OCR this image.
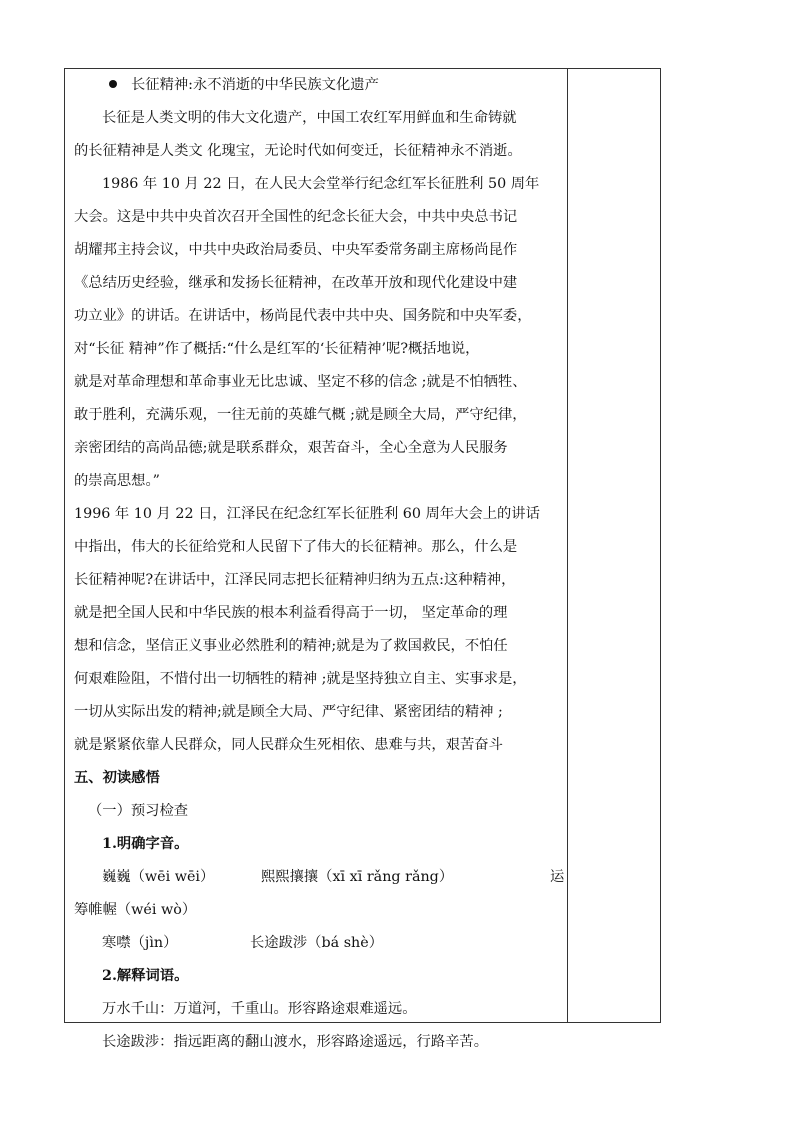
长征精神:永不消逝的中华民族文化遗产
长征是人类文明的伟大文化遗产，中国工农红军用鲜血和生命铸就
的长征精神是人类文 化瑰宝，无论时代如何变迁，长征精神永不消逝。
1986 年 10 月 22 日，在人民大会堂举行纪念红军长征胜利 50 周年
大会。这是中共中央首次召开全国性的纪念长征大会，中共中央总书记
胡耀邦主持会议，中共中央政治局委员、中央军委常务副主席杨尚昆作
《总结历史经验，继承和发扬长征精神，在改革开放和现代化建设中建
功立业》的讲话。在讲话中，杨尚昆代表中共中央、国务院和中央军委，
对“长征 精神”作了概括:“什么是红军的‘长征精神’呢?概括地说，
就是对革命理想和革命事业无比忠诚、坚定不移的信念 ;就是不怕牺牲、
敢于胜利，充满乐观，一往无前的英雄气概 ;就是顾全大局，严守纪律，
亲密团结的高尚品德;就是联系群众，艰苦奋斗，全心全意为人民服务
的崇高思想。”
1996 年 10 月 22 日，江泽民在纪念红军长征胜利 60 周年大会上的讲话
中指出，伟大的长征给党和人民留下了伟大的长征精神。那么，什么是
长征精神呢?在讲话中，江泽民同志把长征精神归纳为五点:这种精神，
就是把全国人民和中华民族的根本利益看得高于一切， 坚定革命的理
想和信念，坚信正义事业必然胜利的精神;就是为了救国救民，不怕任
何艰难险阻，不惜付出一切牺牲的精神 ;就是坚持独立自主、实事求是，
一切从实际出发的精神;就是顾全大局、严守纪律、紧密团结的精神 ;
就是紧紧依靠人民群众，同人民群众生死相依、患难与共，艰苦奋斗
五、初读感悟
（一）预习检查
1.明确字音。
巍巍（wēi wēi）	熙熙攘攘（xī xī rǎng rǎng）	运
筹帷幄（wéi wò）
寒噤（jìn）	长途跋涉（bá shè）
2.解释词语。
万水千山：万道河，千重山。形容路途艰难遥远。
长途跋涉：指远距离的翻山渡水，形容路途遥远，行路辛苦。
